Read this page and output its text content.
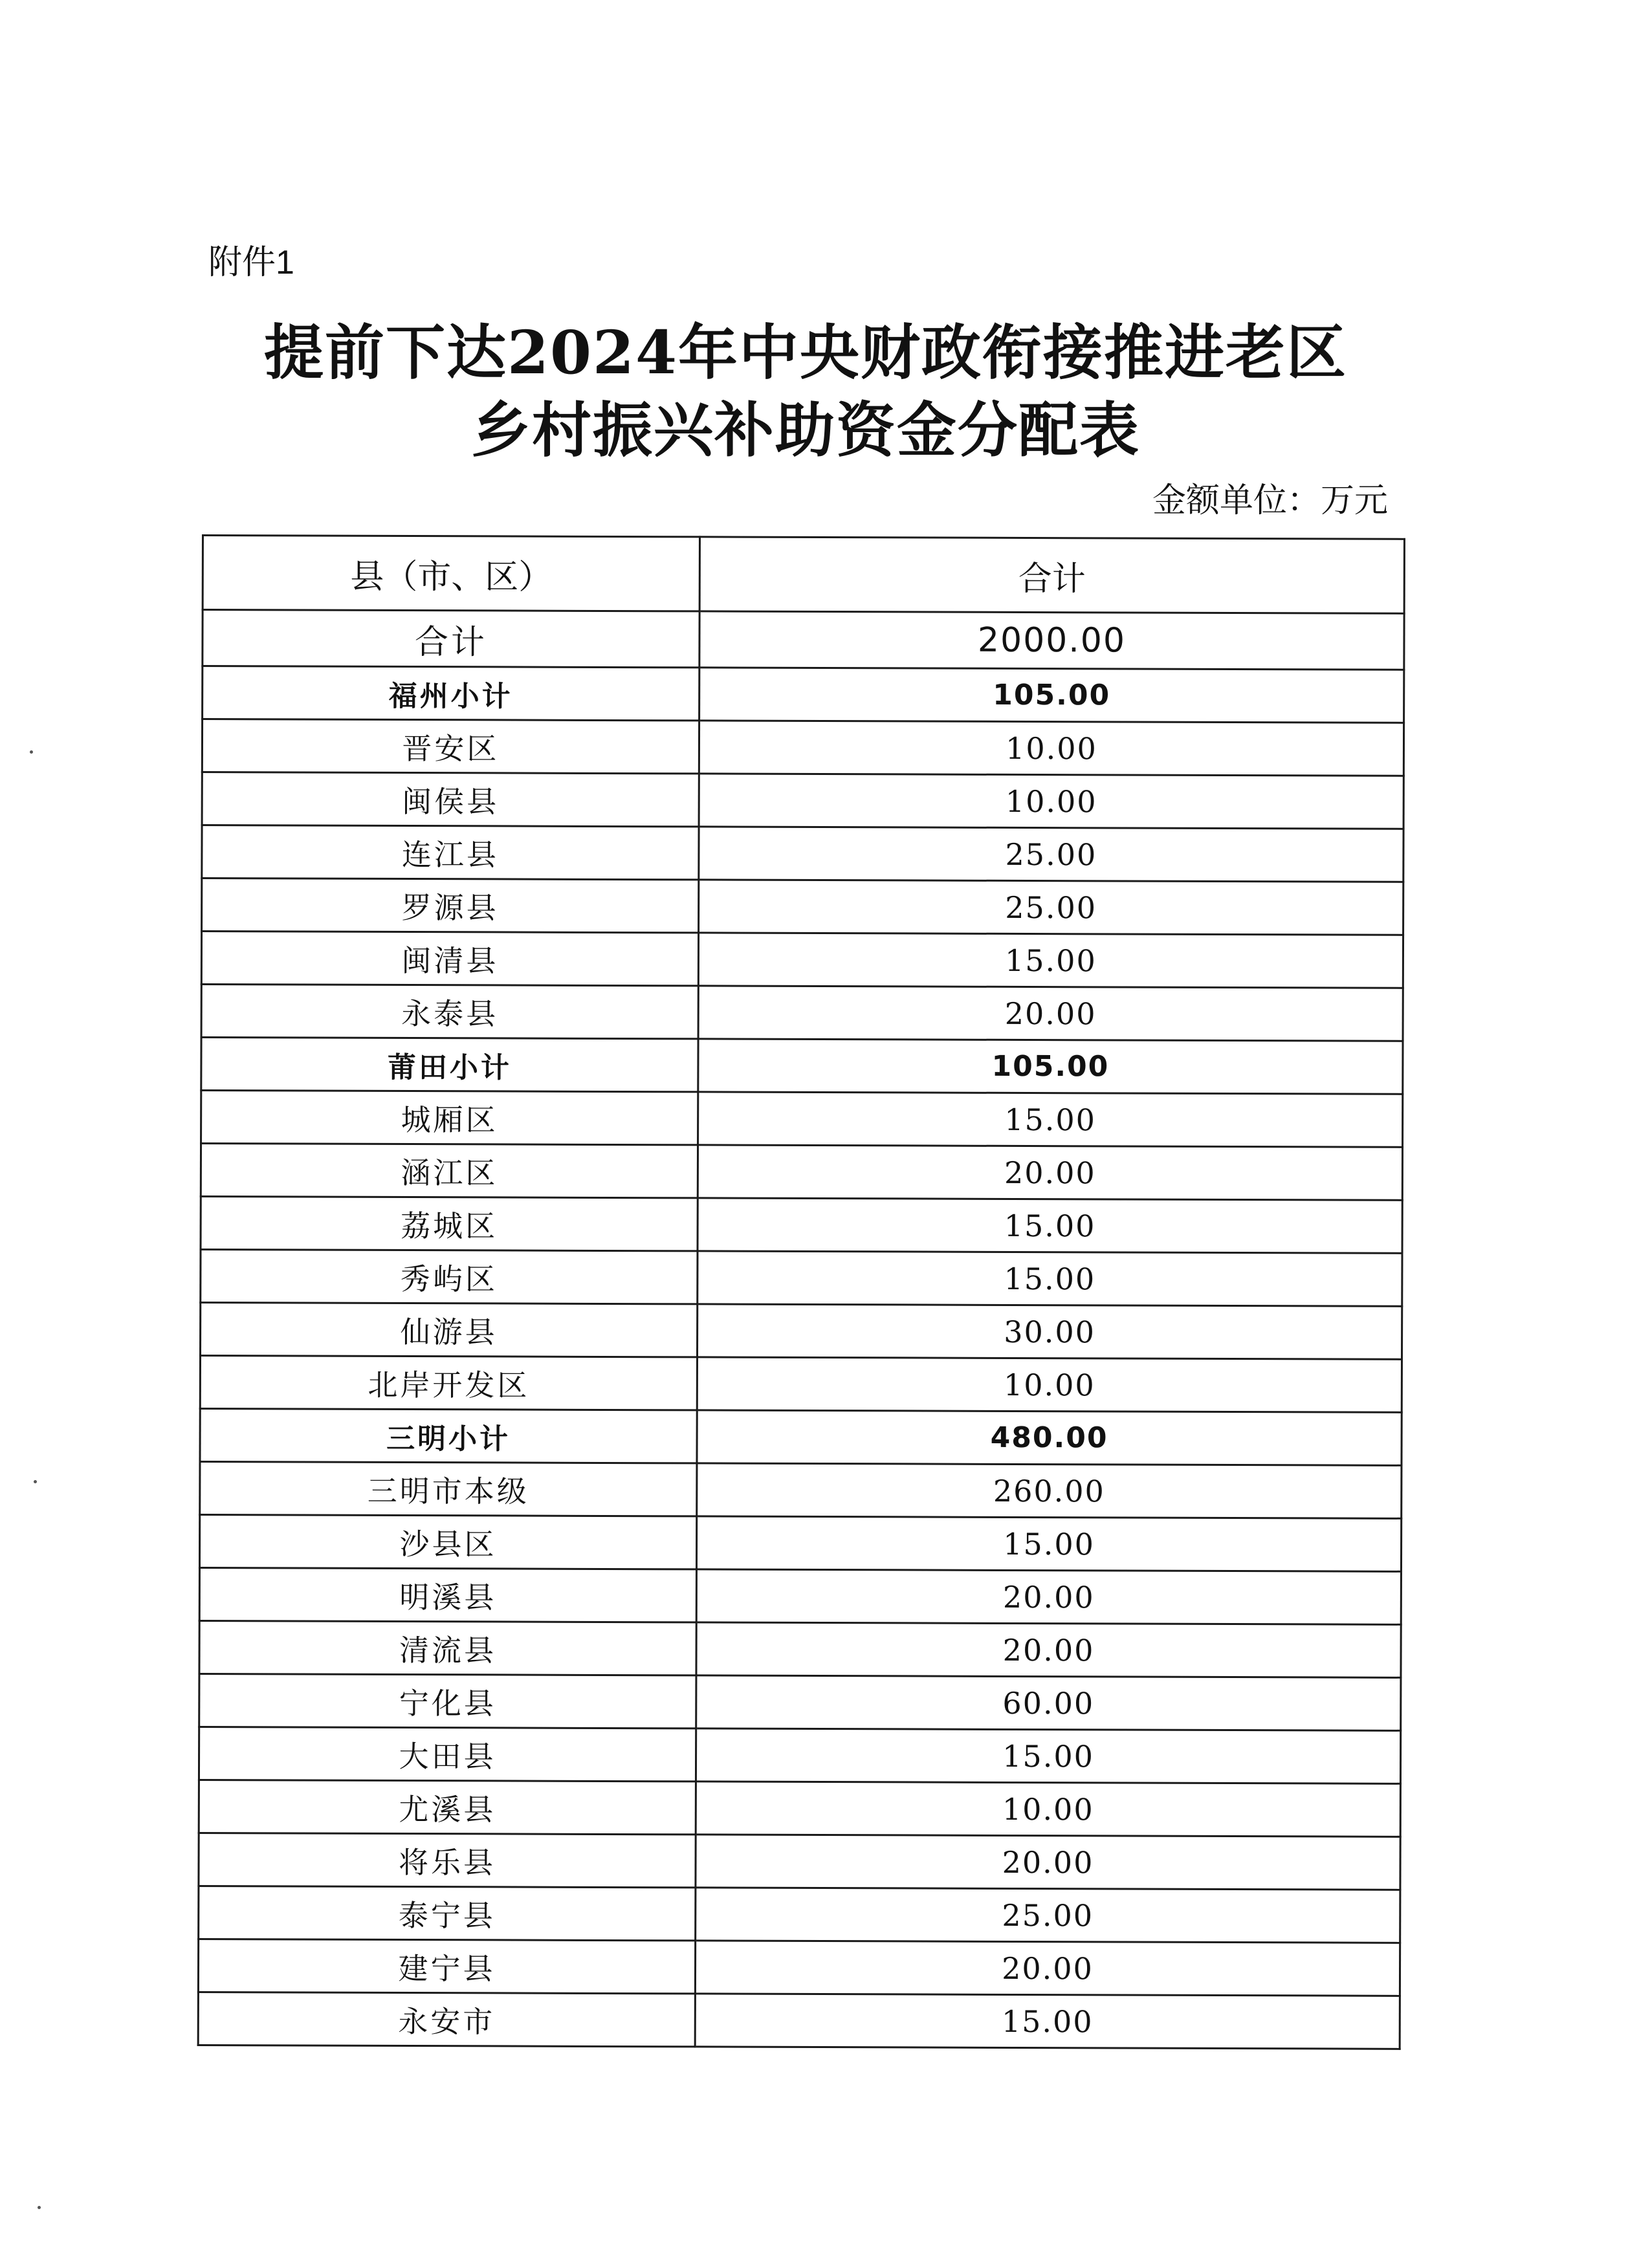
附件1
提前下达2024年中央财政衔接推进老区
乡村振兴补助资金分配表
金额单位：万元
县（市、区）	合计
合计	2000.00
福州小计	105.00
晋安区	10.00
闽侯县	10.00
连江县	25.00
罗源县	25.00
闽清县	15.00
永泰县	20.00
莆田小计	105.00
城厢区	15.00
涵江区	20.00
荔城区	15.00
秀屿区	15.00
仙游县	30.00
北岸开发区	10.00
三明小计	480.00
三明市本级	260.00
沙县区	15.00
明溪县	20.00
清流县	20.00
宁化县	60.00
大田县	15.00
尤溪县	10.00
将乐县	20.00
泰宁县	25.00
建宁县	20.00
永安市	15.00
